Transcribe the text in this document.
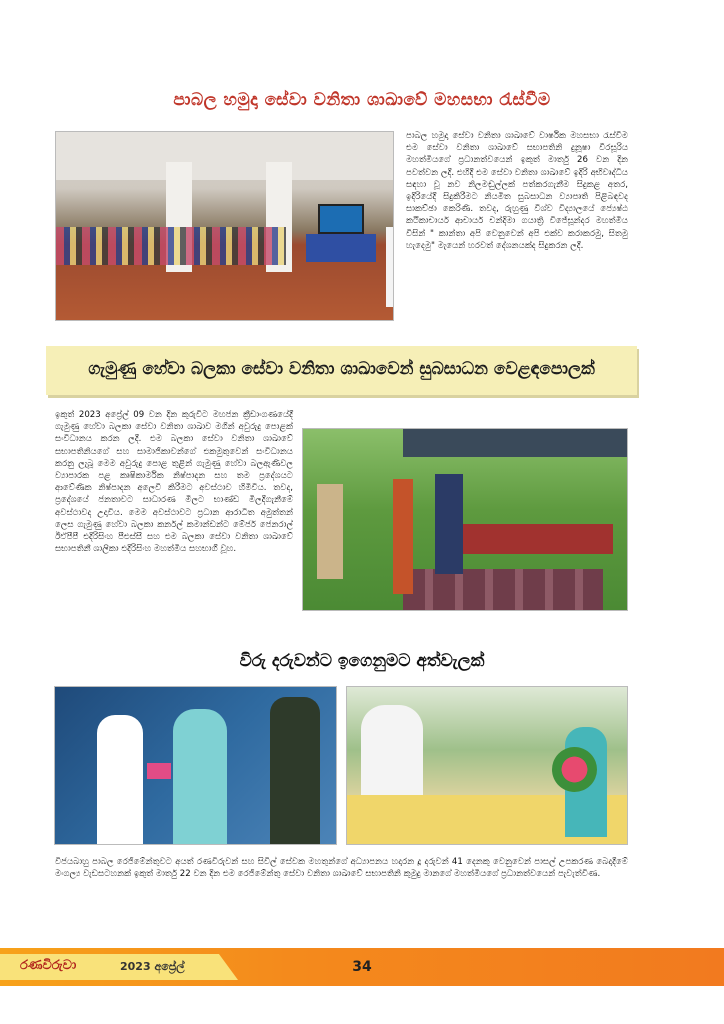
පාබල හමුදා සේවා වනිතා ශාඛාවේ මහසභා රැස්වීම
පාබල හමුදා සේවා වනිතා ශාඛාවේ වාර්ෂික මහසභා රැස්වීම එම සේවා වනිතා ශාඛාවේ සභාපතිනි දුනූෂා වීරසූරිය මහත්මියගේ ප්‍රධානත්වයෙන් ඉකුත් මාර්තු 26 වන දින පවත්වන ලදී. එහිදී එම සේවා වනිතා ශාඛාවේ ඉදිරි අභිවෘද්ධිය සඳහා වූ නව නිලමඬුල්ලක් පත්කරගැනීම සිදුකළ අතර, ඉදිරියේදී සිදුකිරීමට නියමිත සුබසාධන ව්‍යාපෘති පිළිබඳවද සාකච්ඡා කෙරිණි. තවද, රුහුණු විශ්ව විද්‍යාලයේ ජ්‍යෙෂ්ඨ කථිකාචාර්ය ආචාර්ය චන්දිමා ගයාත්‍රි විජේසූන්දර මහත්මිය විසින් " කාන්තා අපි වෙනුවෙන් අපි එක්ව කරාකරමු, සිතමු හැදෙමු" මැයෙන් හරවත් දේශනයක්ද සිදුකරන ලදී.
ගැමුණු හේවා බලකා සේවා වනිතා ශාඛාවෙන් සුබසාධන වෙළඳපොලක්
ඉකුත් 2023 අප්‍රේල් 09 වන දින කුරුවිට මහජන ක්‍රීඩාංගණයේදී ගැමුණු හේවා බලකා සේවා වනිතා ශාඛාව මගින් අවුරුදු පොළක් සංවිධානය කරන ලදී. එම බලකා සේවා වනිතා ශාඛාවේ සභාපතිනියගේ සහ සාමාජිකාවන්ගේ එකමුතුවෙන් සංවිධානය කරනු ලැබූ මෙම අවුරුදු පොළ තුළින් ගැමුණු හේවා බලඇණිවල ව්‍යාපාරක පළ කෘෂිකාර්මික නිෂ්පාදන සහ තම ප්‍රදේශයට ආවේණික නිෂ්පාදන අලෙවි කිරීමට අවස්ථාව හිමිවිය. තවද, ප්‍රදේශයේ ජනතාවට සාධාරණ මිලට භාණ්ඩ මිලදීගැනීමේ අවස්ථාවද උදාවිය. මෙම අවස්ථාවට ප්‍රධාන ආරාධිත අමුත්තන් ලෙස ගැමුණු හේවා බලකා කර්නල් කමාන්ඩන්ට මේජර් ජෙනරාල් ඊඒපීපී එදිරිසිංහ පීඑස්සී සහ එම බලකා සේවා වනිතා ශාඛාවේ සභාපතිනී ශාලිකා එදිරිසිංහ මහත්මිය සහභාගී වූහ.
විරු දරුවන්ට ඉගෙනුමට අත්වැලක්
විජයබාහු පාබල රෙජිමේන්තුවට අයත් රණවිරුවන් සහ සිවිල් සේවක මහතුන්ගේ අධ්‍යාපනය හදාරන දූ දරුවන් 41 දෙනකු වෙනුවෙන් පාසල් උපකරණ බෙදාදීමේ මංගල්‍ය වැඩසටහනක් ඉකුත් මාර්තු 22 වන දින එම රෙජිමේන්තු සේවා වනිතා ශාඛාවේ සභාපතිනි කුමුදු මානගේ මහත්මියගේ ප්‍රධානත්වයෙන් පැවැත්විණ.
රණවිරුවා	2023 අප්‍රේල්	34
